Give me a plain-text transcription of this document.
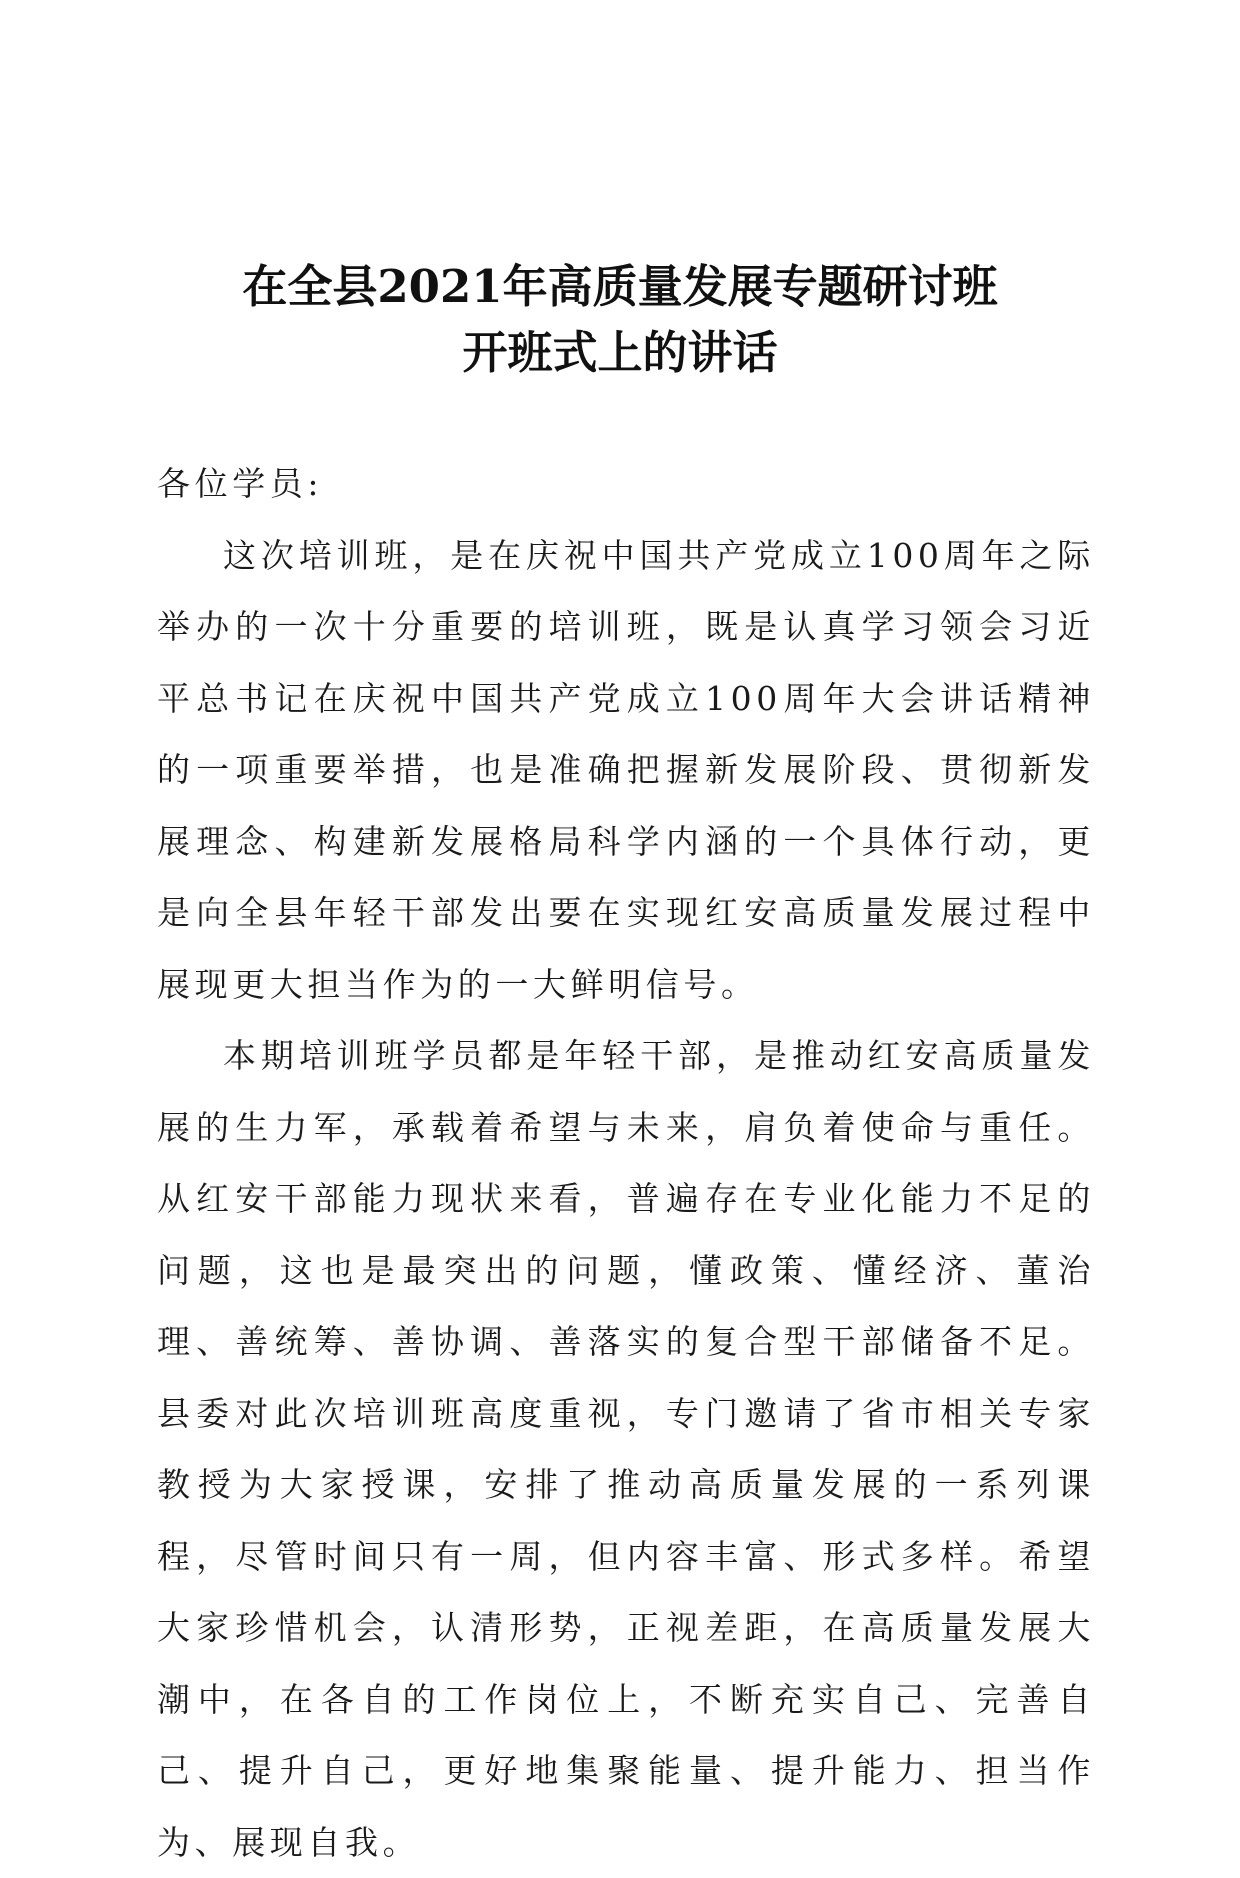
在全县2021年高质量发展专题研讨班
开班式上的讲话

各位学员:

这次培训班，是在庆祝中国共产党成立100周年之际举办的一次十分重要的培训班，既是认真学习领会习近平总书记在庆祝中国共产党成立100周年大会讲话精神的一项重要举措，也是准确把握新发展阶段、贯彻新发展理念、构建新发展格局科学内涵的一个具体行动，更是向全县年轻干部发出要在实现红安高质量发展过程中展现更大担当作为的一大鲜明信号。

本期培训班学员都是年轻干部，是推动红安高质量发展的生力军，承载着希望与未来，肩负着使命与重任。从红安干部能力现状来看，普遍存在专业化能力不足的问题，这也是最突出的问题，懂政策、懂经济、董治理、善统筹、善协调、善落实的复合型干部储备不足。县委对此次培训班高度重视，专门邀请了省市相关专家教授为大家授课，安排了推动高质量发展的一系列课程，尽管时间只有一周，但内容丰富、形式多样。希望大家珍惜机会，认清形势，正视差距，在高质量发展大潮中，在各自的工作岗位上，不断充实自己、完善自己、提升自己，更好地集聚能量、提升能力、担当作为、展现自我。
